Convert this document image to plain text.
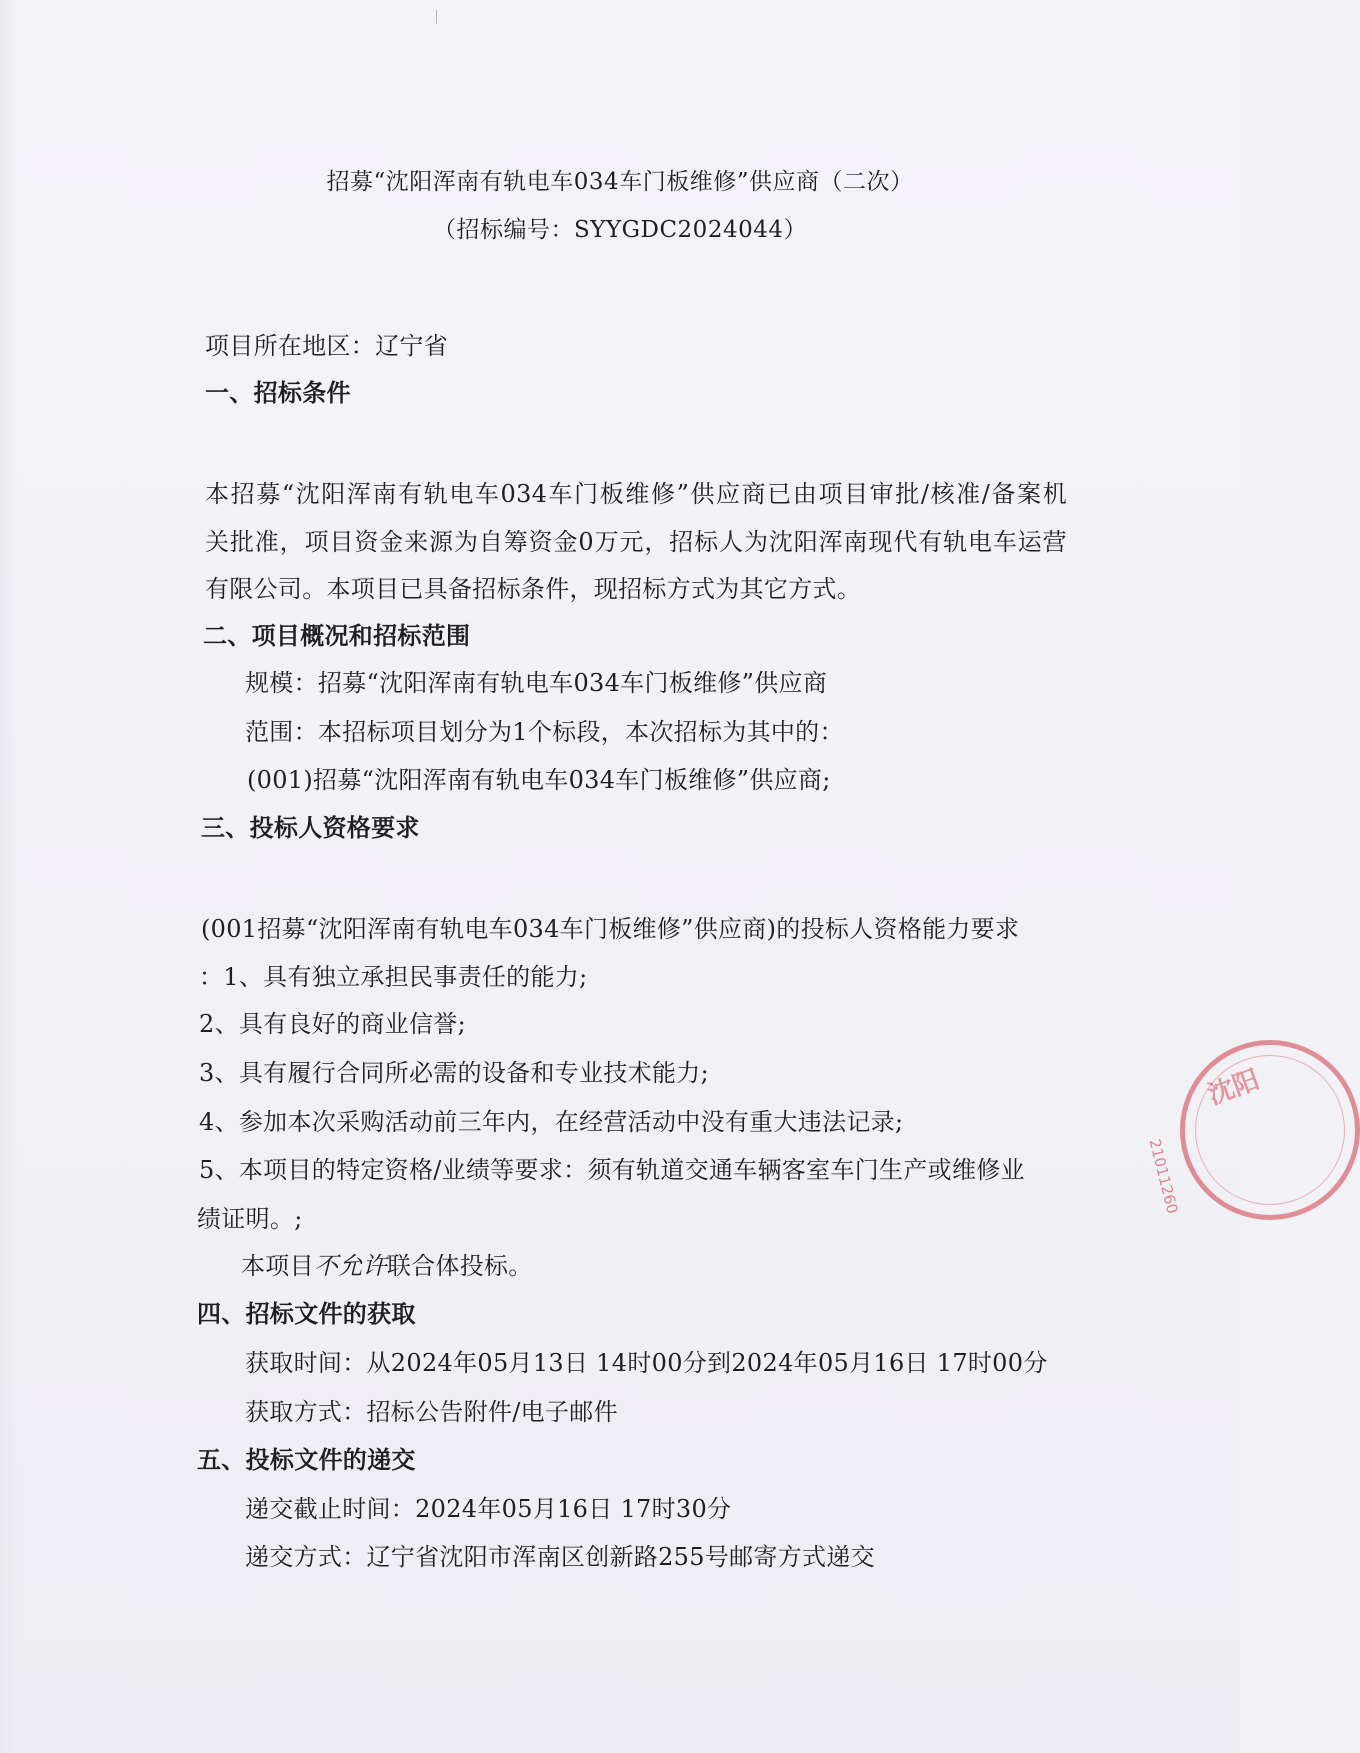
招募“沈阳浑南有轨电车034车门板维修”供应商（二次）
（招标编号：SYYGDC2024044）
项目所在地区：辽宁省
一、招标条件
本招募“沈阳浑南有轨电车034车门板维修”供应商已由项目审批/核准/备案机
关批准，项目资金来源为自筹资金0万元，招标人为沈阳浑南现代有轨电车运营
有限公司。本项目已具备招标条件，现招标方式为其它方式。
二、项目概况和招标范围
规模：招募“沈阳浑南有轨电车034车门板维修”供应商
范围：本招标项目划分为1个标段，本次招标为其中的：
(001)招募“沈阳浑南有轨电车034车门板维修”供应商;
三、投标人资格要求
(001招募“沈阳浑南有轨电车034车门板维修”供应商)的投标人资格能力要求
：1、具有独立承担民事责任的能力;
2、具有良好的商业信誉;
3、具有履行合同所必需的设备和专业技术能力;
4、参加本次采购活动前三年内，在经营活动中没有重大违法记录;
5、本项目的特定资格/业绩等要求：须有轨道交通车辆客室车门生产或维修业
绩证明。;
本项目不允许联合体投标。
四、招标文件的获取
获取时间：从2024年05月13日 14时00分到2024年05月16日 17时00分
获取方式：招标公告附件/电子邮件
五、投标文件的递交
递交截止时间：2024年05月16日 17时30分
递交方式：辽宁省沈阳市浑南区创新路255号邮寄方式递交
沈阳
21011260
